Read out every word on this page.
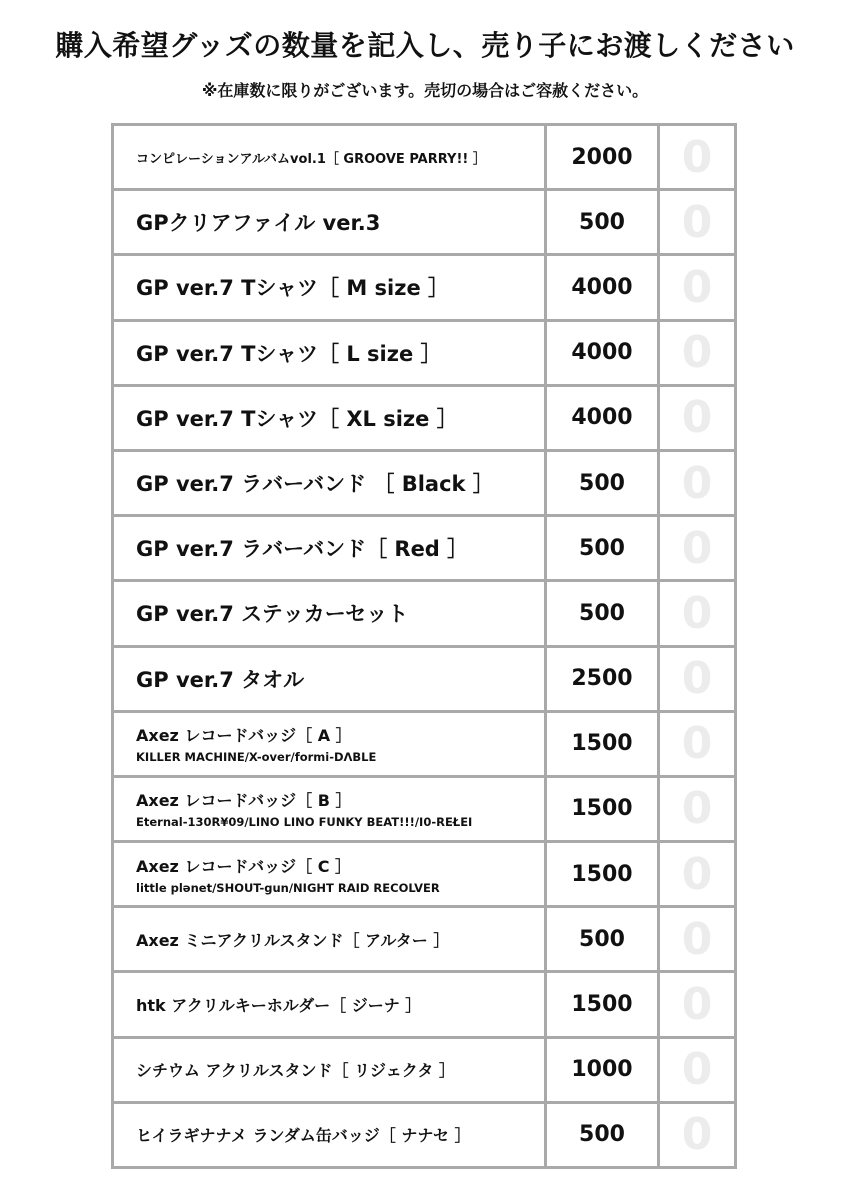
購入希望グッズの数量を記入し、売り子にお渡しください
※在庫数に限りがございます。売切の場合はご容赦ください。
コンピレーションアルバムvol.1［ GROOVE PARRY!! ］	2000	0
GPクリアファイル ver.3	500	0
GP ver.7 Tシャツ［ M size ］	4000	0
GP ver.7 Tシャツ［ L size ］	4000	0
GP ver.7 Tシャツ［ XL size ］	4000	0
GP ver.7 ラバーバンド ［ Black ］	500	0
GP ver.7 ラバーバンド［ Red ］	500	0
GP ver.7 ステッカーセット	500	0
GP ver.7 タオル	2500	0
Axez レコードバッジ［ A ］
KILLER MACHINE/X-over/formi-DΛBLE
1500	0
Axez レコードバッジ［ B ］
Eternal-130R¥09/LINO LINO FUNKY BEAT!!!/I0-REŁEI
1500	0
Axez レコードバッジ［ C ］
little plǝnet/SHOUT-gun/NIGHT RAID RECOLVER
1500	0
Axez ミニアクリルスタンド［ アルター ］	500	0
htk アクリルキーホルダー［ ジーナ ］	1500	0
シチウム アクリルスタンド［ リジェクタ ］	1000	0
ヒイラギナナメ ランダム缶バッジ［ ナナセ ］	500	0
